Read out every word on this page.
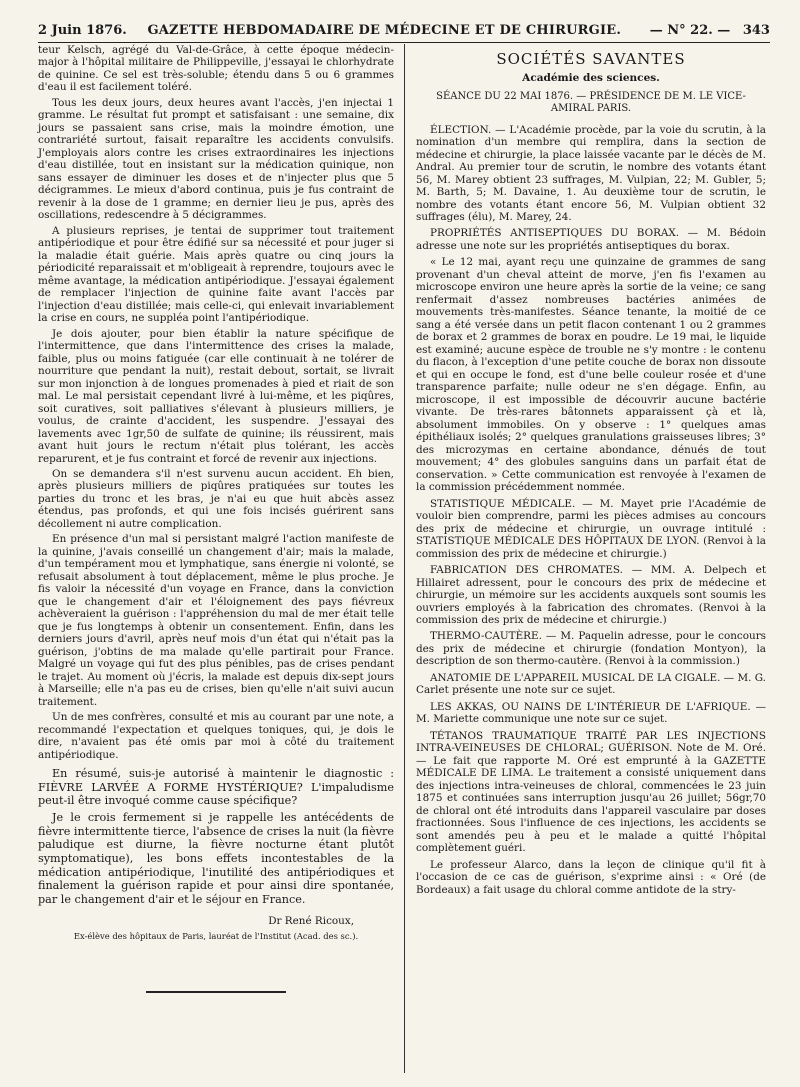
2 Juin 1876. GAZETTE HEBDOMADAIRE DE MÉDECINE ET DE CHIRURGIE.	— N° 22. — 343

teur Kelsch, agrégé du Val-de-Grâce, à cette époque médecin-major à l'hôpital militaire de Philippeville, j'essayai le chlorhydrate de quinine. Ce sel est très-soluble; étendu dans 5 ou 6 grammes d'eau il est facilement toléré.

Tous les deux jours, deux heures avant l'accès, j'en injectai 1 gramme. Le résultat fut prompt et satisfaisant : une semaine, dix jours se passaient sans crise, mais la moindre émotion, une contrariété surtout, faisait reparaître les accidents convulsifs. J'employais alors contre les crises extraordinaires les injections d'eau distillée, tout en insistant sur la médication quinique, non sans essayer de diminuer les doses et de n'injecter plus que 5 décigrammes. Le mieux d'abord continua, puis je fus contraint de revenir à la dose de 1 gramme; en dernier lieu je pus, après des oscillations, redescendre à 5 décigrammes.

A plusieurs reprises, je tentai de supprimer tout traitement antipériodique et pour être édifié sur sa nécessité et pour juger si la maladie était guérie. Mais après quatre ou cinq jours la périodicité reparaissait et m'obligeait à reprendre, toujours avec le même avantage, la médication antipériodique. J'essayai également de remplacer l'injection de quinine faite avant l'accès par l'injection d'eau distillée; mais celle-ci, qui enlevait invariablement la crise en cours, ne suppléa point l'antipériodique.

Je dois ajouter, pour bien établir la nature spécifique de l'intermittence, que dans l'intermittence des crises la malade, faible, plus ou moins fatiguée (car elle continuait à ne tolérer de nourriture que pendant la nuit), restait debout, sortait, se livrait sur mon injonction à de longues promenades à pied et riait de son mal. Le mal persistait cependant livré à lui-même, et les piqûres, soit curatives, soit palliatives s'élevant à plusieurs milliers, je voulus, de crainte d'accident, les suspendre. J'essayai des lavements avec 1gr,50 de sulfate de quinine; ils réussirent, mais avant huit jours le rectum n'était plus tolérant, les accès reparurent, et je fus contraint et forcé de revenir aux injections.

On se demandera s'il n'est survenu aucun accident. Eh bien, après plusieurs milliers de piqûres pratiquées sur toutes les parties du tronc et les bras, je n'ai eu que huit abcès assez étendus, pas profonds, et qui une fois incisés guérirent sans décollement ni autre complication.

En présence d'un mal si persistant malgré l'action manifeste de la quinine, j'avais conseillé un changement d'air; mais la malade, d'un tempérament mou et lymphatique, sans énergie ni volonté, se refusait absolument à tout déplacement, même le plus proche. Je fis valoir la nécessité d'un voyage en France, dans la conviction que le changement d'air et l'éloignement des pays fiévreux achèveraient la guérison : l'appréhension du mal de mer était telle que je fus longtemps à obtenir un consentement. Enfin, dans les derniers jours d'avril, après neuf mois d'un état qui n'était pas la guérison, j'obtins de ma malade qu'elle partirait pour France. Malgré un voyage qui fut des plus pénibles, pas de crises pendant le trajet. Au moment où j'écris, la malade est depuis dix-sept jours à Marseille; elle n'a pas eu de crises, bien qu'elle n'ait suivi aucun traitement.

Un de mes confrères, consulté et mis au courant par une note, a recommandé l'expectation et quelques toniques, qui, je dois le dire, n'avaient pas été omis par moi à côté du traitement antipériodique.

En résumé, suis-je autorisé à maintenir le diagnostic : FIÈVRE LARVÉE A FORME HYSTÉRIQUE? L'impaludisme peut-il être invoqué comme cause spécifique?

Je le crois fermement si je rappelle les antécédents de fièvre intermittente tierce, l'absence de crises la nuit (la fièvre paludique est diurne, la fièvre nocturne étant plutôt symptomatique), les bons effets incontestables de la médication antipériodique, l'inutilité des antipériodiques et finalement la guérison rapide et pour ainsi dire spontanée, par le changement d'air et le séjour en France.

Dr René Ricoux,
Ex-élève des hôpitaux de Paris, lauréat de l'Institut (Acad. des sc.).
SOCIÉTÉS SAVANTES
Académie des sciences.
SÉANCE DU 22 MAI 1876. — PRÉSIDENCE DE M. LE VICE-AMIRAL PARIS.

ÉLECTION. — L'Académie procède, par la voie du scrutin, à la nomination d'un membre qui remplira, dans la section de médecine et chirurgie, la place laissée vacante par le décès de M. Andral. Au premier tour de scrutin, le nombre des votants étant 56, M. Marey obtient 23 suffrages, M. Vulpian, 22; M. Gubler, 5; M. Barth, 5; M. Davaine, 1. Au deuxième tour de scrutin, le nombre des votants étant encore 56, M. Vulpian obtient 32 suffrages (élu), M. Marey, 24.

PROPRIÉTÉS ANTISEPTIQUES DU BORAX. — M. Bédoin adresse une note sur les propriétés antiseptiques du borax.

« Le 12 mai, ayant reçu une quinzaine de grammes de sang provenant d'un cheval atteint de morve, j'en fis l'examen au microscope environ une heure après la sortie de la veine; ce sang renfermait d'assez nombreuses bactéries animées de mouvements très-manifestes. Séance tenante, la moitié de ce sang a été versée dans un petit flacon contenant 1 ou 2 grammes de borax et 2 grammes de borax en poudre. Le 19 mai, le liquide est examiné; aucune espèce de trouble ne s'y montre : le contenu du flacon, à l'exception d'une petite couche de borax non dissoute et qui en occupe le fond, est d'une belle couleur rosée et d'une transparence parfaite; nulle odeur ne s'en dégage. Enfin, au microscope, il est impossible de découvrir aucune bactérie vivante. De très-rares bâtonnets apparaissent çà et là, absolument immobiles. On y observe : 1° quelques amas épithéliaux isolés; 2° quelques granulations graisseuses libres; 3° des microzymas en certaine abondance, dénués de tout mouvement; 4° des globules sanguins dans un parfait état de conservation. » Cette communication est renvoyée à l'examen de la commission précédemment nommée.

STATISTIQUE MÉDICALE. — M. Mayet prie l'Académie de vouloir bien comprendre, parmi les pièces admises au concours des prix de médecine et chirurgie, un ouvrage intitulé : STATISTIQUE MÉDICALE DES HÔPITAUX DE LYON. (Renvoi à la commission des prix de médecine et chirurgie.)

FABRICATION DES CHROMATES. — MM. A. Delpech et Hillairet adressent, pour le concours des prix de médecine et chirurgie, un mémoire sur les accidents auxquels sont soumis les ouvriers employés à la fabrication des chromates. (Renvoi à la commission des prix de médecine et chirurgie.)

THERMO-CAUTÈRE. — M. Paquelin adresse, pour le concours des prix de médecine et chirurgie (fondation Montyon), la description de son thermo-cautère. (Renvoi à la commission.)

ANATOMIE DE L'APPAREIL MUSICAL DE LA CIGALE. — M. G. Carlet présente une note sur ce sujet.

LES AKKAS, OU NAINS DE L'INTÉRIEUR DE L'AFRIQUE. — M. Mariette communique une note sur ce sujet.

TÉTANOS TRAUMATIQUE TRAITÉ PAR LES INJECTIONS INTRA-VEINEUSES DE CHLORAL; GUÉRISON. Note de M. Oré. — Le fait que rapporte M. Oré est emprunté à la GAZETTE MÉDICALE DE LIMA. Le traitement a consisté uniquement dans des injections intra-veineuses de chloral, commencées le 23 juin 1875 et continuées sans interruption jusqu'au 26 juillet; 56gr,70 de chloral ont été introduits dans l'appareil vasculaire par doses fractionnées. Sous l'influence de ces injections, les accidents se sont amendés peu à peu et le malade a quitté l'hôpital complètement guéri.

Le professeur Alarco, dans la leçon de clinique qu'il fit à l'occasion de ce cas de guérison, s'exprime ainsi : « Oré (de Bordeaux) a fait usage du chloral comme antidote de la stry-
